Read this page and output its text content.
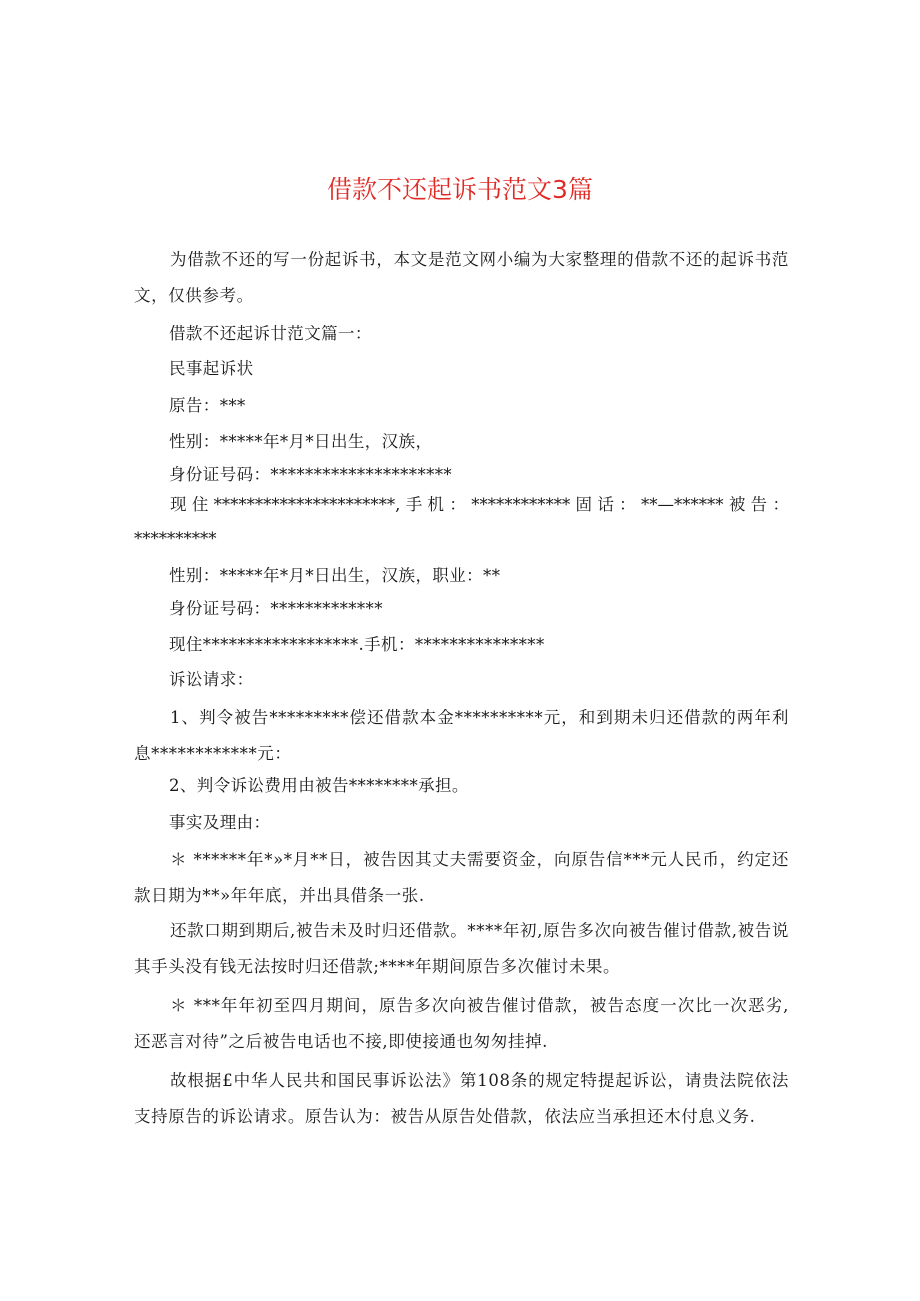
借款不还起诉书范文3篇
为借款不还的写一份起诉书，本文是范文网小编为大家整理的借款不还的起诉书范文，仅供参考。
借款不还起诉廿范文篇一：
民事起诉状
原告：***
性别：*****年*月*日出生，汉族，
身份证号码：*********************
现住**********************,手机：************固话：**—******被告：**********
性别：*****年*月*日出生，汉族，职业：**
身份证号码：*************
现住******************.手机：***************
诉讼请求：
1、判令被告*********偿还借款本金**********元，和到期未归还借款的两年利息************元：
2、判令诉讼费用由被告********承担。
事实及理由：
＊ ******年*»*月**日，被告因其丈夫需要资金，向原告信***元人民币，约定还款日期为**»年年底，并出具借条一张.
还款口期到期后,被告未及时归还借款。****年初,原告多次向被告催讨借款,被告说其手头没有钱无法按时归还借款;****年期间原告多次催讨未果。
＊ ***年年初至四月期间，原告多次向被告催讨借款，被告态度一次比一次恶劣,还恶言对待”之后被告电话也不接,即使接通也匆匆挂掉.
故根据£中华人民共和国民事诉讼法》第108条的规定特提起诉讼，请贵法院依法支持原告的诉讼请求。原告认为：被告从原告处借款，依法应当承担还木付息义务.
